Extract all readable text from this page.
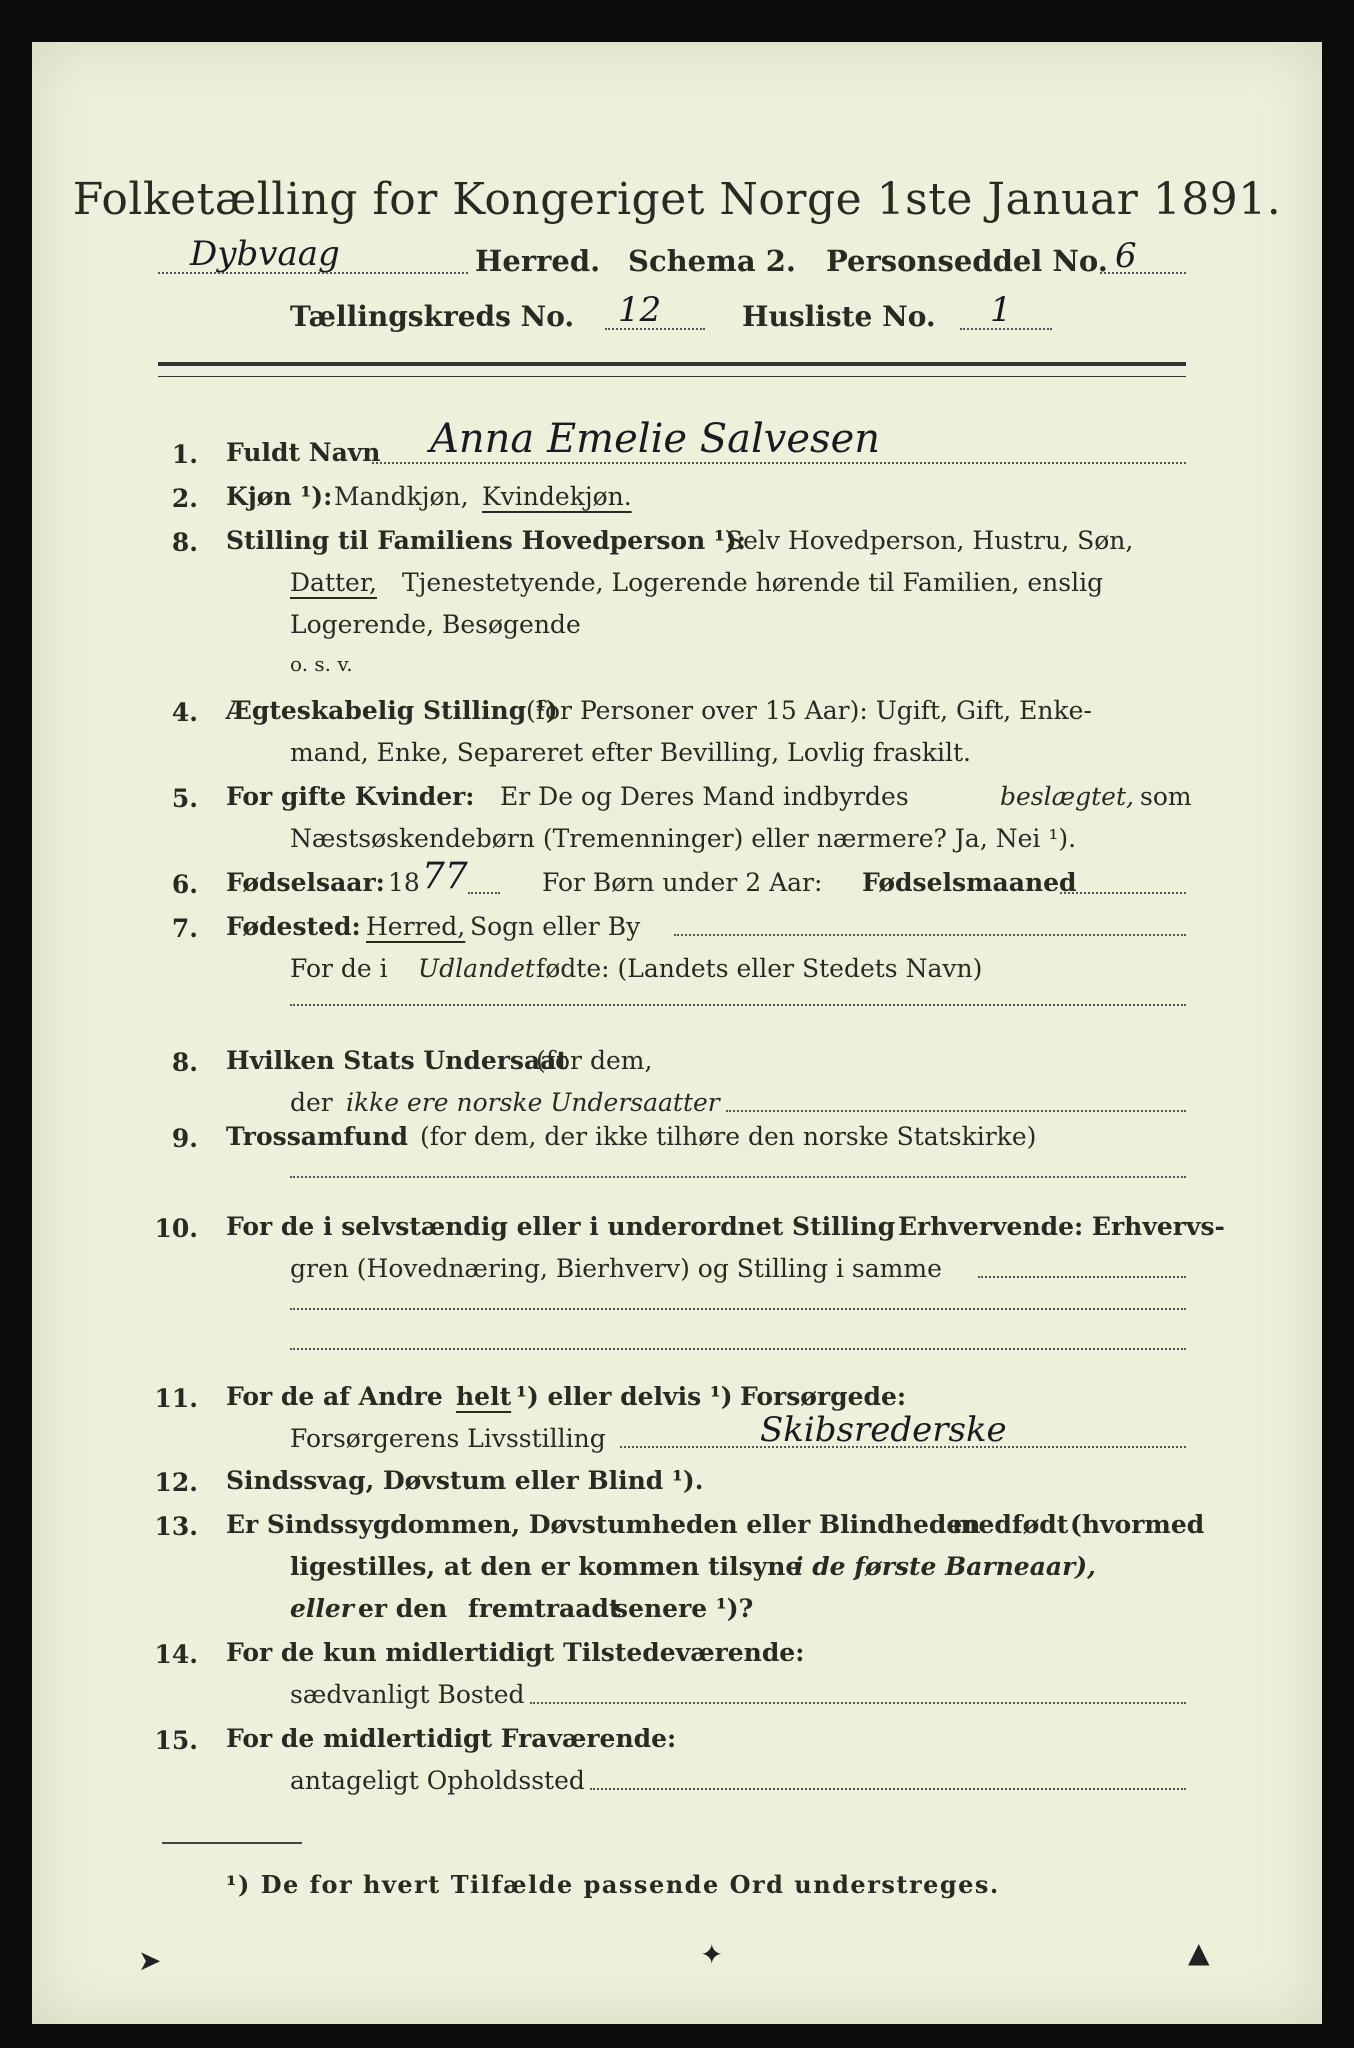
Folketælling for Kongeriget Norge 1ste Januar 1891.
Dybvaag	Herred. Schema 2. Personseddel No. 6
Tællingskreds No. 12	Husliste No. 1
1. Fuldt Navn Anna Emelie Salvesen
2. Kjøn ¹): Mandkjøn, Kvindekjøn.
8. Stilling til Familiens Hovedperson ¹):
Selv Hovedperson, Hustru, Søn,
Datter, Tjenestetyende, Logerende hørende til Familien, enslig
Logerende, Besøgende
o. s. v.
4. Ægteskabelig Stilling ¹)
(for Personer over 15 Aar): Ugift, Gift, Enke-
mand, Enke, Separeret efter Bevilling, Lovlig fraskilt.
5. For gifte Kvinder: Er De og Deres Mand indbyrdes	beslægtet, som
Næstsøskendebørn (Tremenninger) eller nærmere? Ja, Nei ¹).
6. Fødselsaar: 18 77	For Børn under 2 Aar: Fødselsmaaned
7. Fødested: Herred, Sogn eller By
For de i Udlandet fødte: (Landets eller Stedets Navn)
8. Hvilken Stats Undersaat
(for dem,
der ikke ere norske Undersaatter
9. Trossamfund (for dem, der ikke tilhøre den norske Statskirke)
10. For de i selvstændig eller i underordnet Stilling Erhvervende: Erhvervs-
gren (Hovednæring, Bierhverv) og Stilling i samme
11. For de af Andre helt ¹) eller delvis ¹) Forsørgede:
Forsørgerens Livsstilling	Skibsrederske
12. Sindssvag, Døvstum eller Blind ¹).
13. Er Sindssygdommen, Døvstumheden eller Blindheden
medfødt (hvormed
ligestilles, at den er kommen tilsyne
i de første Barneaar),
eller er den fremtraadt
senere ¹)?
14. For de kun midlertidigt Tilstedeværende:
sædvanligt Bosted
15. For de midlertidigt Fraværende:
antageligt Opholdssted
¹) De for hvert Tilfælde passende Ord understreges.
➤	✦	▲
